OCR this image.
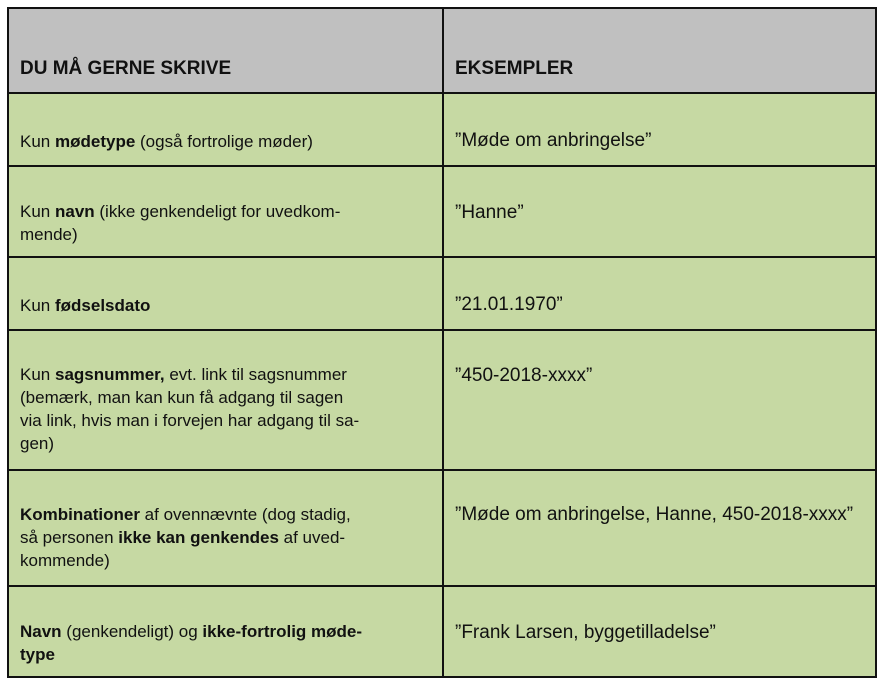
DU MÅ GERNE SKRIVE	EKSEMPLER

Kun mødetype (også fortrolige møder)	”Møde om anbringelse”

Kun navn (ikke genkendeligt for uvedkom-
mende)	”Hanne”

Kun fødselsdato	”21.01.1970”

Kun sagsnummer, evt. link til sagsnummer
(bemærk, man kan kun få adgang til sagen
via link, hvis man i forvejen har adgang til sa-
gen)	”450-2018-xxxx”

Kombinationer af ovennævnte (dog stadig,
så personen ikke kan genkendes af uved-
kommende)	”Møde om anbringelse, Hanne, 450-2018-xxxx”

Navn (genkendeligt) og ikke-fortrolig møde-
type	”Frank Larsen, byggetilladelse”
